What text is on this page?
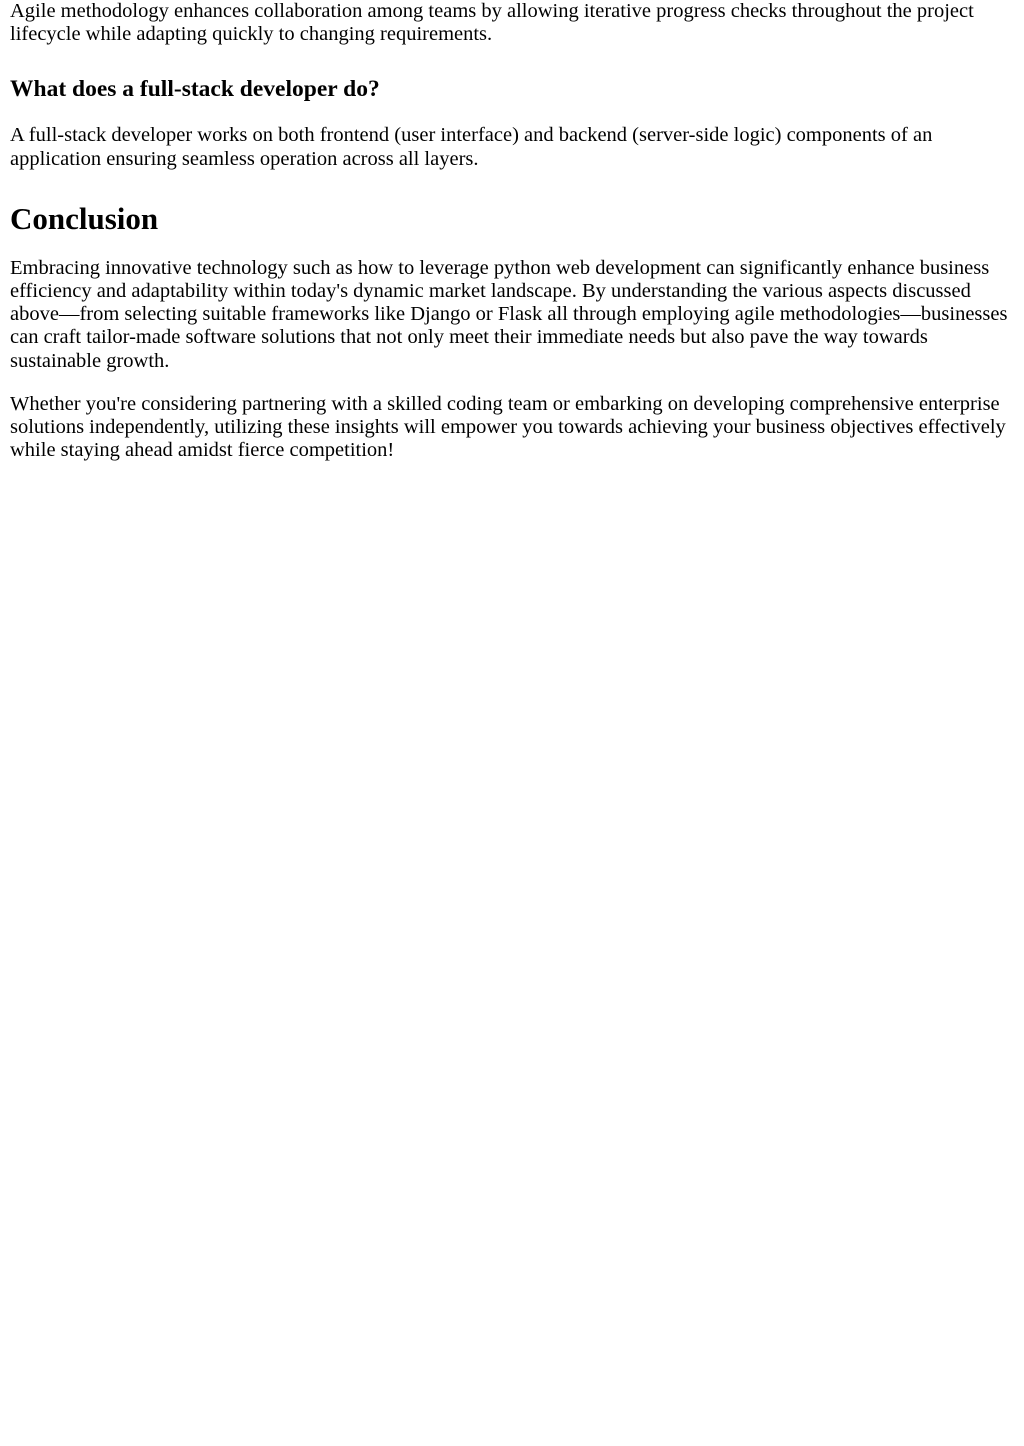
Agile methodology enhances collaboration among teams by allowing iterative progress checks throughout the project lifecycle while adapting quickly to changing requirements.

What does a full-stack developer do?

A full-stack developer works on both frontend (user interface) and backend (server-side logic) components of an application ensuring seamless operation across all layers.

Conclusion

Embracing innovative technology such as how to leverage python web development can significantly enhance business efficiency and adaptability within today's dynamic market landscape. By understanding the various aspects discussed above—from selecting suitable frameworks like Django or Flask all through employing agile methodologies—businesses can craft tailor-made software solutions that not only meet their immediate needs but also pave the way towards sustainable growth.

Whether you're considering partnering with a skilled coding team or embarking on developing comprehensive enterprise solutions independently, utilizing these insights will empower you towards achieving your business objectives effectively while staying ahead amidst fierce competition!
